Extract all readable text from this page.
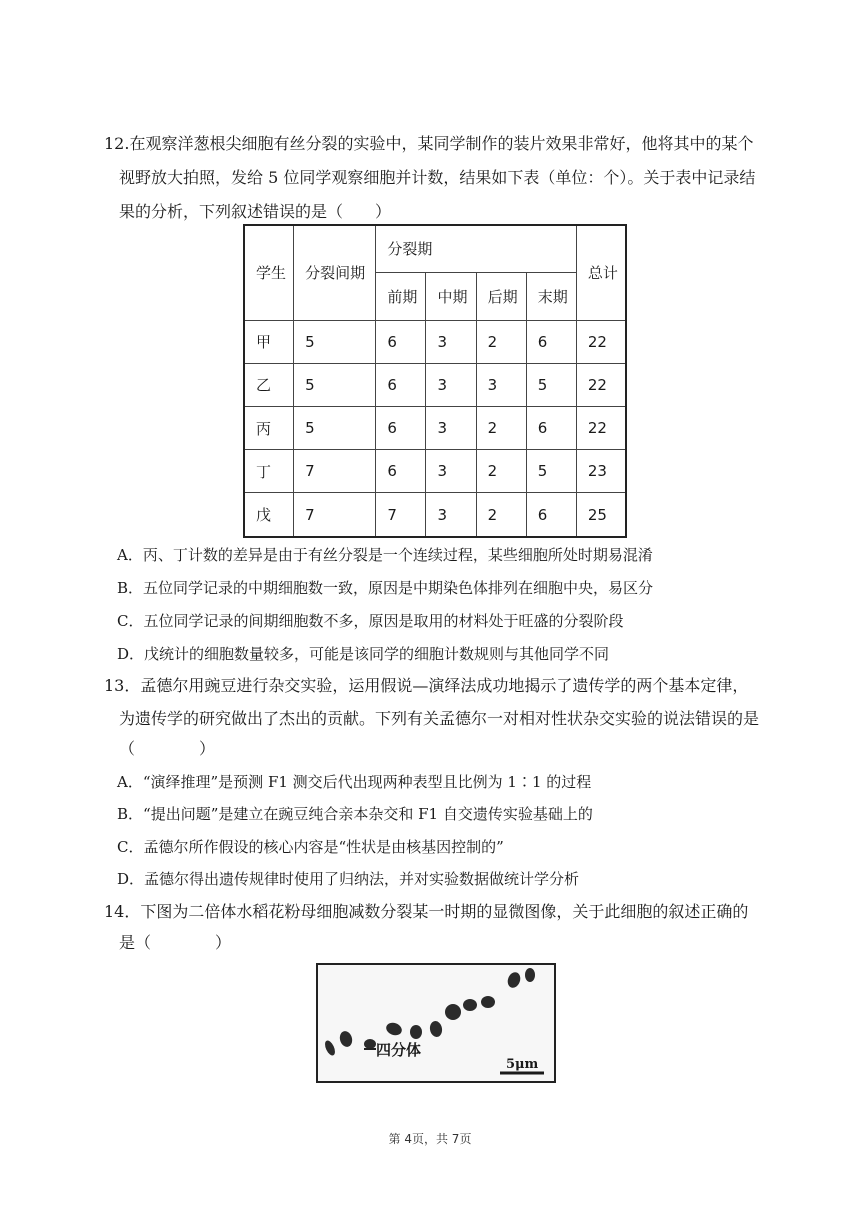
12.在观察洋葱根尖细胞有丝分裂的实验中，某同学制作的装片效果非常好，他将其中的某个
视野放大拍照，发给 5 位同学观察细胞并计数，结果如下表（单位：个）。关于表中记录结
果的分析，下列叙述错误的是（　　）
学生	分裂间期	分裂期				总计
		前期	中期	后期	末期	
甲	5	6	3	2	6	22
乙	5	6	3	3	5	22
丙	5	6	3	2	6	22
丁	7	6	3	2	5	23
戊	7	7	3	2	6	25
A．丙、丁计数的差异是由于有丝分裂是一个连续过程，某些细胞所处时期易混淆
B．五位同学记录的中期细胞数一致，原因是中期染色体排列在细胞中央，易区分
C．五位同学记录的间期细胞数不多，原因是取用的材料处于旺盛的分裂阶段
D．戊统计的细胞数量较多，可能是该同学的细胞计数规则与其他同学不同
13．孟德尔用豌豆进行杂交实验，运用假说—演绎法成功地揭示了遗传学的两个基本定律，
为遗传学的研究做出了杰出的贡献。下列有关孟德尔一对相对性状杂交实验的说法错误的是
（　　　　）
A．“演绎推理”是预测 F1 测交后代出现两种表型且比例为 1∶1 的过程
B．“提出问题”是建立在豌豆纯合亲本杂交和 F1 自交遗传实验基础上的
C．孟德尔所作假设的核心内容是“性状是由核基因控制的”
D．孟德尔得出遗传规律时使用了归纳法，并对实验数据做统计学分析
14．下图为二倍体水稻花粉母细胞减数分裂某一时期的显微图像，关于此细胞的叙述正确的
是（　　　　）
四分体
5μm
第 4页，共 7页
